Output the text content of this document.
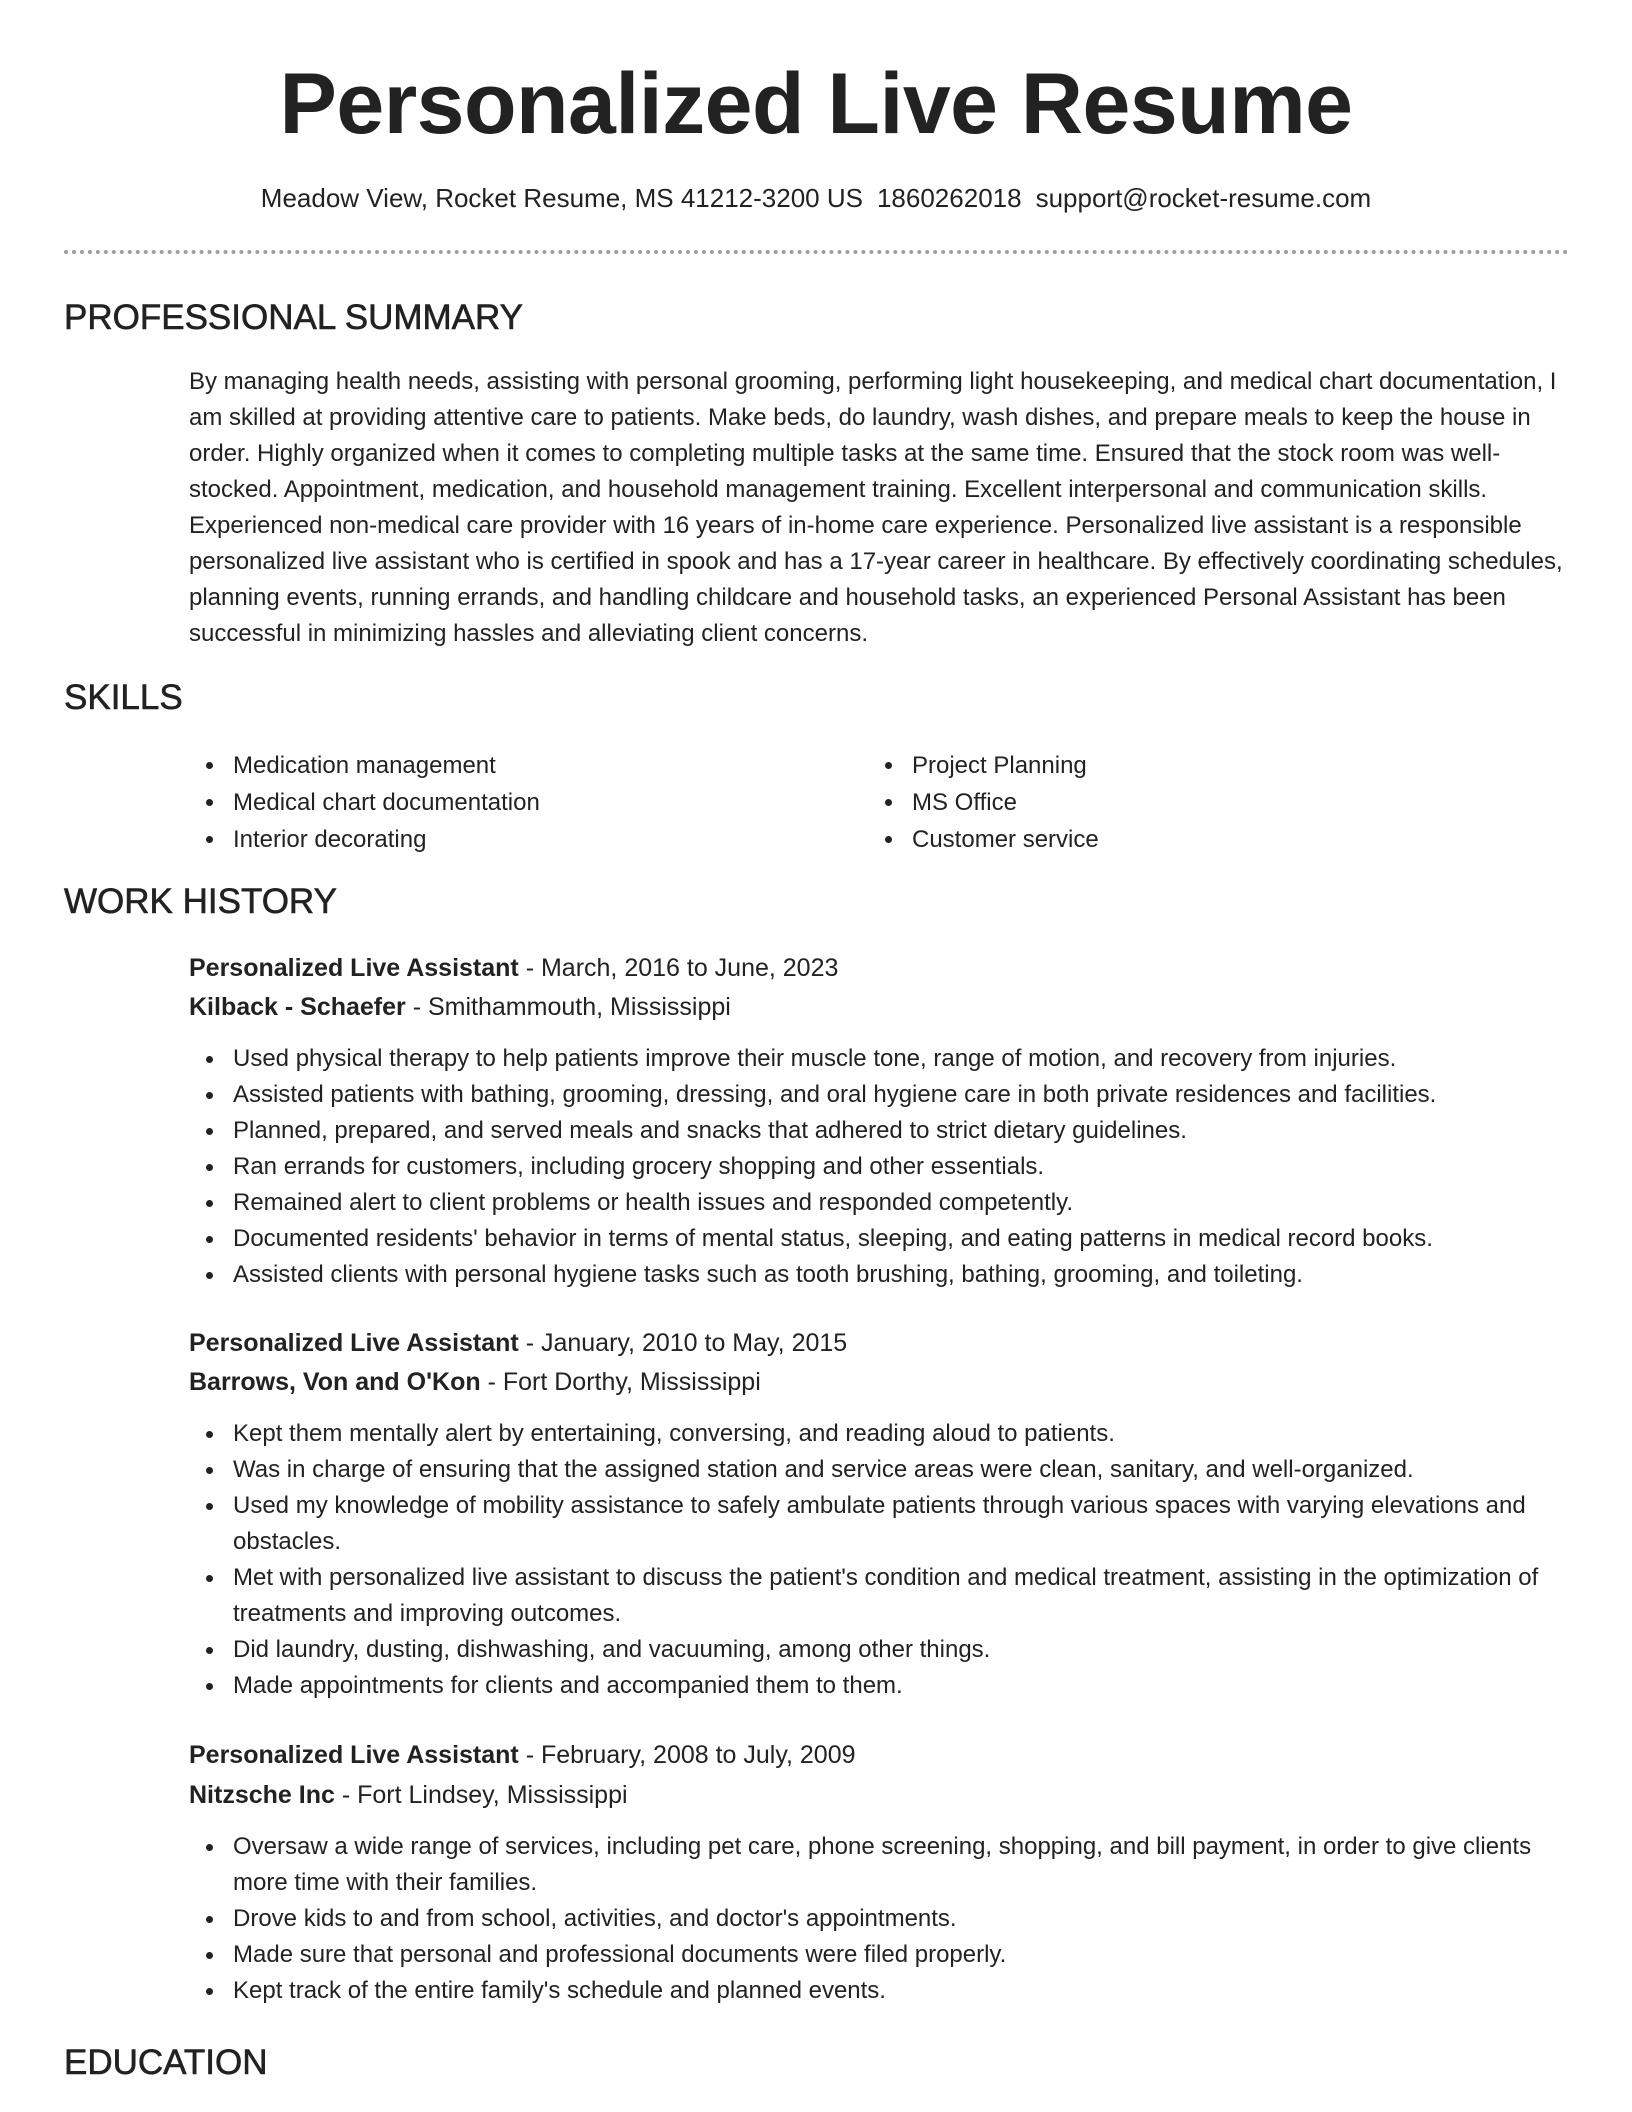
Personalized Live Resume
Meadow View, Rocket Resume, MS 41212-3200 US 1860262018 support@rocket-resume.com
PROFESSIONAL SUMMARY

By managing health needs, assisting with personal grooming, performing light housekeeping, and medical chart documentation, I am skilled at providing attentive care to patients. Make beds, do laundry, wash dishes, and prepare meals to keep the house in order. Highly organized when it comes to completing multiple tasks at the same time. Ensured that the stock room was well-stocked. Appointment, medication, and household management training. Excellent interpersonal and communication skills. Experienced non-medical care provider with 16 years of in-home care experience. Personalized live assistant is a responsible personalized live assistant who is certified in spook and has a 17-year career in healthcare. By effectively coordinating schedules, planning events, running errands, and handling childcare and household tasks, an experienced Personal Assistant has been successful in minimizing hassles and alleviating client concerns.

SKILLS
Medication management
Medical chart documentation
Interior decorating
Project Planning
MS Office
Customer service
WORK HISTORY
Personalized Live Assistant - March, 2016 to June, 2023
Kilback - Schaefer - Smithammouth, Mississippi
Used physical therapy to help patients improve their muscle tone, range of motion, and recovery from injuries.
Assisted patients with bathing, grooming, dressing, and oral hygiene care in both private residences and facilities.
Planned, prepared, and served meals and snacks that adhered to strict dietary guidelines.
Ran errands for customers, including grocery shopping and other essentials.
Remained alert to client problems or health issues and responded competently.
Documented residents' behavior in terms of mental status, sleeping, and eating patterns in medical record books.
Assisted clients with personal hygiene tasks such as tooth brushing, bathing, grooming, and toileting.
Personalized Live Assistant - January, 2010 to May, 2015
Barrows, Von and O'Kon - Fort Dorthy, Mississippi
Kept them mentally alert by entertaining, conversing, and reading aloud to patients.
Was in charge of ensuring that the assigned station and service areas were clean, sanitary, and well-organized.
Used my knowledge of mobility assistance to safely ambulate patients through various spaces with varying elevations and obstacles.
Met with personalized live assistant to discuss the patient's condition and medical treatment, assisting in the optimization of treatments and improving outcomes.
Did laundry, dusting, dishwashing, and vacuuming, among other things.
Made appointments for clients and accompanied them to them.
Personalized Live Assistant - February, 2008 to July, 2009
Nitzsche Inc - Fort Lindsey, Mississippi
Oversaw a wide range of services, including pet care, phone screening, shopping, and bill payment, in order to give clients more time with their families.
Drove kids to and from school, activities, and doctor's appointments.
Made sure that personal and professional documents were filed properly.
Kept track of the entire family's schedule and planned events.
EDUCATION
